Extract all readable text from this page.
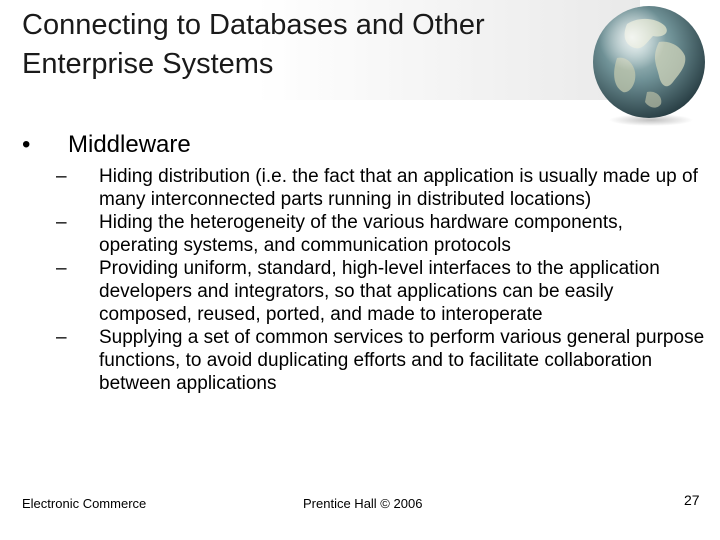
Connecting to Databases and Other
Enterprise Systems
•	Middleware
–	Hiding distribution (i.e. the fact that an application is usually made up of many interconnected parts running in distributed locations)
–	Hiding the heterogeneity of the various hardware components, operating systems, and communication protocols
–	Providing uniform, standard, high-level interfaces to the application developers and integrators, so that applications can be easily composed, reused, ported, and made to interoperate
–	Supplying a set of common services to perform various general purpose functions, to avoid duplicating efforts and to facilitate collaboration between applications
Electronic Commerce	Prentice Hall © 2006	27
